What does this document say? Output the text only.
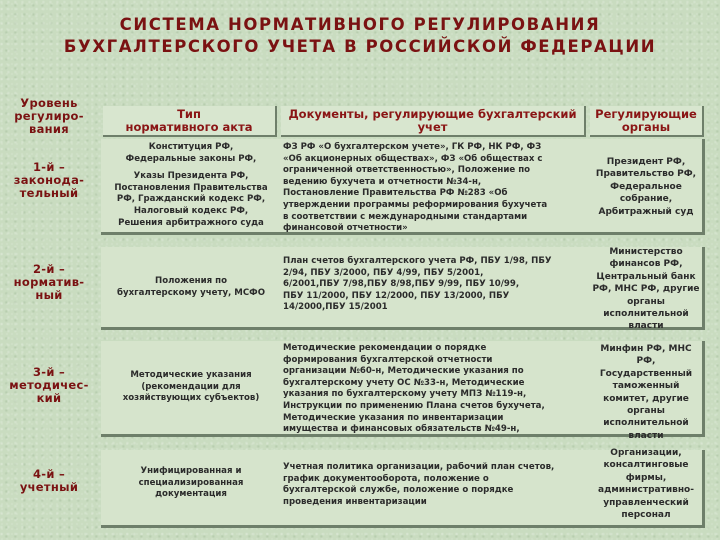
СИСТЕМА НОРМАТИВНОГО РЕГУЛИРОВАНИЯ
БУХГАЛТЕРСКОГО УЧЕТА В РОССИЙСКОЙ ФЕДЕРАЦИИ
Уровень
регулиро-
вания
Тип
нормативного акта
Документы, регулирующие бухгалтерский
учет
Регулирующие
органы
1-й –
законода-
тельный
Конституция РФ,
Федеральные законы РФ,
Указы Президента РФ,
Постановления Правительства
РФ, Гражданский кодекс РФ,
Налоговый кодекс РФ,
Решения арбитражного суда
ФЗ РФ «О бухгалтерском учете», ГК РФ, НК РФ, ФЗ
«Об акционерных обществах», ФЗ «Об обществах с
ограниченной ответственностью», Положение по
ведению бухучета и отчетности №34-н,
Постановление Правительства РФ №283 «Об
утверждении программы реформирования бухучета
в соответствии с международными стандартами
финансовой отчетности»
Президент РФ,
Правительство РФ,
Федеральное
собрание,
Арбитражный суд
2-й –
норматив-
ный
Положения по
бухгалтерскому учету, МСФО
План счетов бухгалтерского учета РФ, ПБУ 1/98, ПБУ
2/94, ПБУ 3/2000, ПБУ 4/99, ПБУ 5/2001,
6/2001,ПБУ 7/98,ПБУ 8/98,ПБУ 9/99, ПБУ 10/99,
ПБУ 11/2000, ПБУ 12/2000, ПБУ 13/2000, ПБУ
14/2000,ПБУ 15/2001
Министерство
финансов РФ,
Центральный банк
РФ, МНС РФ, другие
органы
исполнительной
власти
3-й –
методичес-
кий
Методические указания
(рекомендации для
хозяйствующих субъектов)
Методические рекомендации о порядке
формирования бухгалтерской отчетности
организации №60-н, Методические указания по
бухгалтерскому учету ОС №33-н, Методические
указания по бухгалтерскому учету МПЗ №119-н,
Инструкции по применению Плана счетов бухучета,
Методические указания по инвентаризации
имущества и финансовых обязательств №49-н,
Минфин РФ, МНС
РФ,
Государственный
таможенный
комитет, другие
органы
исполнительной
власти
4-й –
учетный
Унифицированная и
специализированная
документация
Учетная политика организации, рабочий план счетов,
график документооборота, положение о
бухгалтерской службе, положение о порядке
проведения инвентаризации
Организации,
консалтинговые
фирмы,
административно-
управленческий
персонал
